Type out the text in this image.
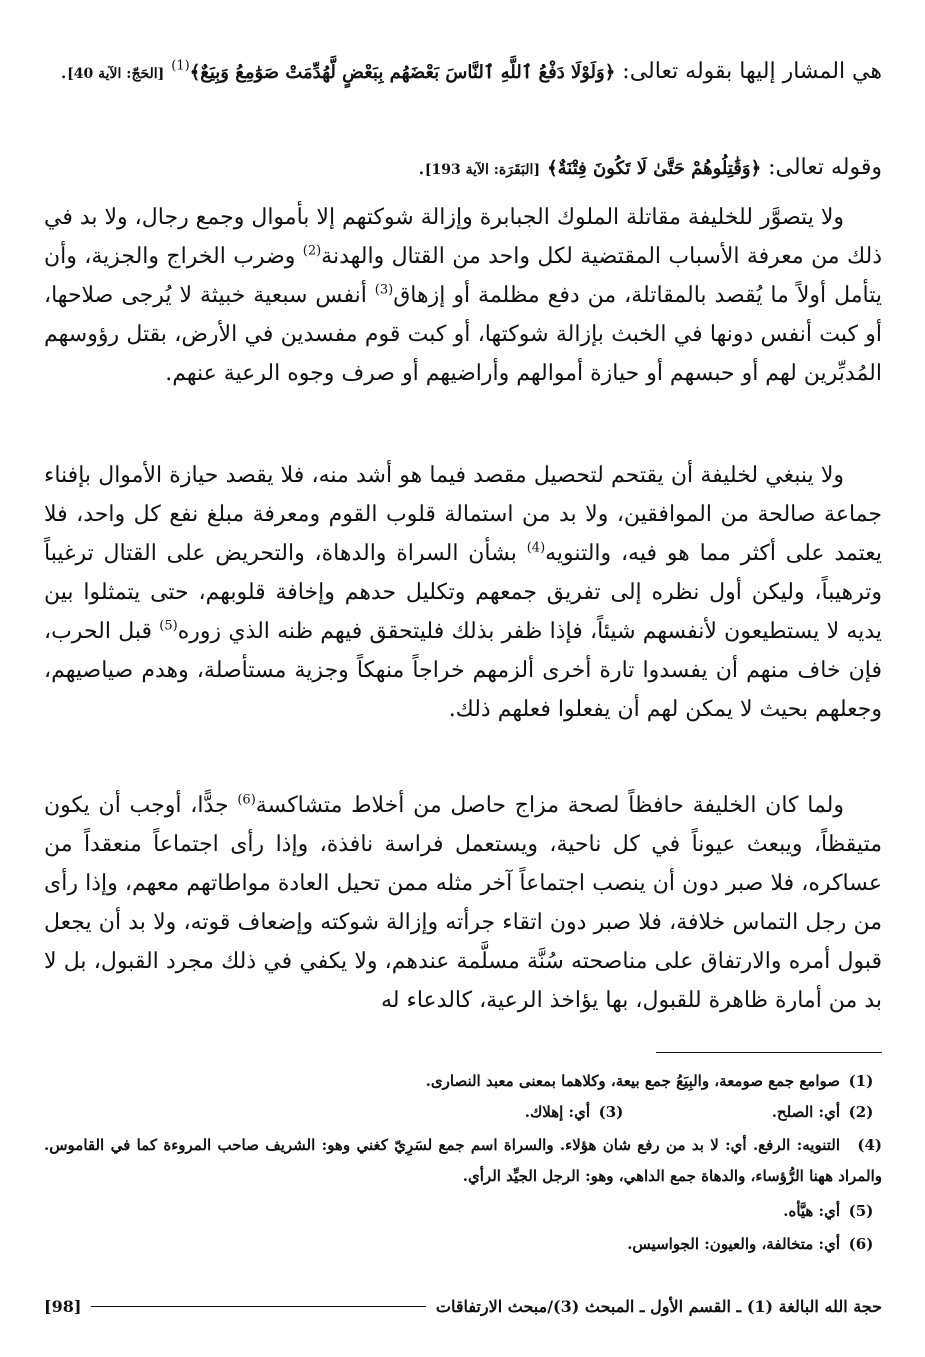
هي المشار إليها بقوله تعالى: ﴿وَلَوْلَا دَفْعُ ٱللَّهِ ٱلنَّاسَ بَعْضَهُم بِبَعْضٍ لَّهُدِّمَتْ صَوَٰمِعُ وَبِيَعٌ﴾$^{(1)}$ [الحَجّ: الآية 40].
وقوله تعالى: ﴿وَقَٰتِلُوهُمْ حَتَّىٰ لَا تَكُونَ فِتْنَةٌ﴾ [البَقَرَة: الآية 193].
ولا يتصوَّر للخليفة مقاتلة الملوك الجبابرة وإزالة شوكتهم إلا بأموال وجمع رجال، ولا بد في ذلك من معرفة الأسباب المقتضية لكل واحد من القتال والهدنة$^{(2)}$ وضرب الخراج والجزية، وأن يتأمل أولاً ما يُقصد بالمقاتلة، من دفع مظلمة أو إزهاق$^{(3)}$ أنفس سبعية خبيثة لا يُرجى صلاحها، أو كبت أنفس دونها في الخبث بإزالة شوكتها، أو كبت قوم مفسدين في الأرض، بقتل رؤوسهم المُدبِّرين لهم أو حبسهم أو حيازة أموالهم وأراضيهم أو صرف وجوه الرعية عنهم.
ولا ينبغي لخليفة أن يقتحم لتحصيل مقصد فيما هو أشد منه، فلا يقصد حيازة الأموال بإفناء جماعة صالحة من الموافقين، ولا بد من استمالة قلوب القوم ومعرفة مبلغ نفع كل واحد، فلا يعتمد على أكثر مما هو فيه، والتنويه$^{(4)}$ بشأن السراة والدهاة، والتحريض على القتال ترغيباً وترهيباً، وليكن أول نظره إلى تفريق جمعهم وتكليل حدهم وإخافة قلوبهم، حتى يتمثلوا بين يديه لا يستطيعون لأنفسهم شيئاً، فإذا ظفر بذلك فليتحقق فيهم ظنه الذي زوره$^{(5)}$ قبل الحرب، فإن خاف منهم أن يفسدوا تارة أخرى ألزمهم خراجاً منهكاً وجزية مستأصلة، وهدم صياصيهم، وجعلهم بحيث لا يمكن لهم أن يفعلوا فعلهم ذلك.
ولما كان الخليفة حافظاً لصحة مزاج حاصل من أخلاط متشاكسة$^{(6)}$ جدًّا، أوجب أن يكون متيقظاً، ويبعث عيوناً في كل ناحية، ويستعمل فراسة نافذة، وإذا رأى اجتماعاً منعقداً من عساكره، فلا صبر دون أن ينصب اجتماعاً آخر مثله ممن تحيل العادة مواطاتهم معهم، وإذا رأى من رجل التماس خلافة، فلا صبر دون اتقاء جرأته وإزالة شوكته وإضعاف قوته، ولا بد أن يجعل قبول أمره والارتفاق على مناصحته سُنَّة مسلَّمة عندهم، ولا يكفي في ذلك مجرد القبول، بل لا بد من أمارة ظاهرة للقبول، بها يؤاخذ الرعية، كالدعاء له
(1)صوامع جمع صومعة، والبِيَعُ جمع بيعة، وكلاهما بمعنى معبد النصارى.
(2)أي: الصلح.
(3)أي: إهلاك.
(4)التنويه: الرفع. أي: لا بد من رفع شان هؤلاء. والسراة اسم جمع لسَرِيّ كغني وهو: الشريف صاحب المروءة كما في القاموس. والمراد ههنا الرُّؤساء، والدهاة جمع الداهي، وهو: الرجل الجيِّد الرأي.
(5)أي: هيَّأه.
(6)أي: متخالفة، والعيون: الجواسيس.
حجة الله البالغة (1) ـ القسم الأول ـ المبحث (3)/مبحث الارتفاقات
[98]
